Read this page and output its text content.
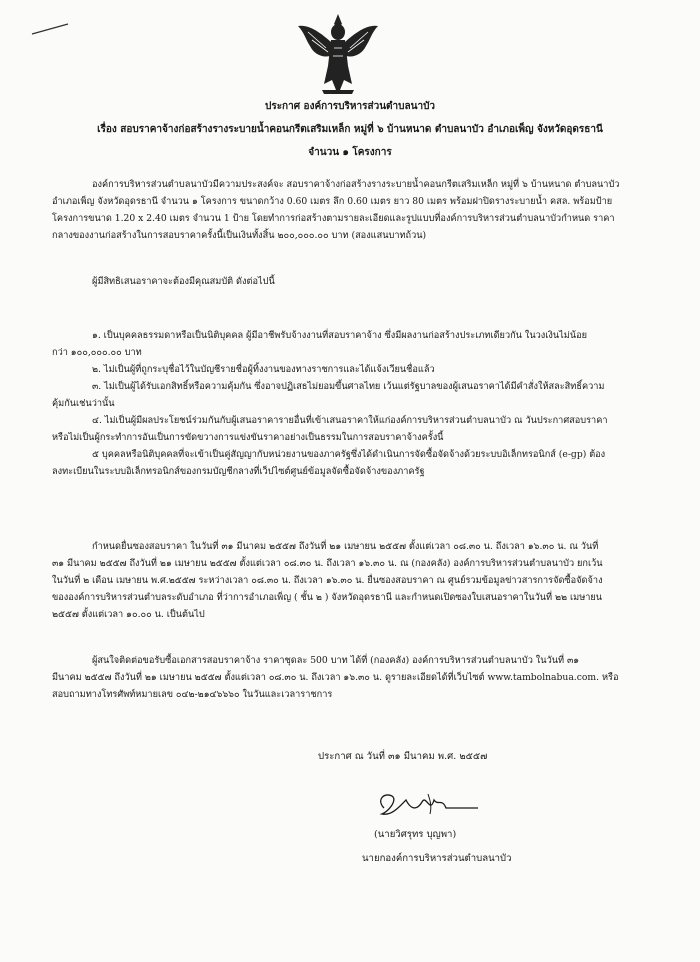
ประกาศ องค์การบริหารส่วนตำบลนาบัว

เรื่อง สอบราคาจ้างก่อสร้างรางระบายน้ำคอนกรีตเสริมเหล็ก หมู่ที่ ๖ บ้านหนาด ตำบลนาบัว อำเภอเพ็ญ จังหวัดอุดรธานี

จำนวน ๑ โครงการ

องค์การบริหารส่วนตำบลนาบัวมีความประสงค์จะ สอบราคาจ้างก่อสร้างรางระบายน้ำคอนกรีตเสริมเหล็ก หมู่ที่ ๖ บ้านหนาด ตำบลนาบัว

อำเภอเพ็ญ จังหวัดอุดรธานี จำนวน ๑ โครงการ ขนาดกว้าง 0.60 เมตร ลึก 0.60 เมตร ยาว 80 เมตร พร้อมฝาปิดรางระบายน้ำ คสล. พร้อมป้าย

โครงการขนาด 1.20 x 2.40 เมตร จำนวน 1 ป้าย โดยทำการก่อสร้างตามรายละเอียดและรูปแบบที่องค์การบริหารส่วนตำบลนาบัวกำหนด ราคา

กลางของงานก่อสร้างในการสอบราคาครั้งนี้เป็นเงินทั้งสิ้น ๒๐๐,๐๐๐.๐๐ บาท (สองแสนบาทถ้วน)

ผู้มีสิทธิเสนอราคาจะต้องมีคุณสมบัติ ดังต่อไปนี้

๑. เป็นบุคคลธรรมดาหรือเป็นนิติบุคคล ผู้มีอาชีพรับจ้างงานที่สอบราคาจ้าง ซึ่งมีผลงานก่อสร้างประเภทเดียวกัน ในวงเงินไม่น้อย

กว่า ๑๐๐,๐๐๐.๐๐ บาท

๒. ไม่เป็นผู้ที่ถูกระบุชื่อไว้ในบัญชีรายชื่อผู้ทิ้งงานของทางราชการและได้แจ้งเวียนชื่อแล้ว

๓. ไม่เป็นผู้ได้รับเอกสิทธิ์หรือความคุ้มกัน ซึ่งอาจปฏิเสธไม่ยอมขึ้นศาลไทย เว้นแต่รัฐบาลของผู้เสนอราคาได้มีคำสั่งให้สละสิทธิ์ความ

คุ้มกันเช่นว่านั้น

๔. ไม่เป็นผู้มีผลประโยชน์ร่วมกันกับผู้เสนอราคารายอื่นที่เข้าเสนอราคาให้แก่องค์การบริหารส่วนตำบลนาบัว ณ วันประกาศสอบราคา

หรือไม่เป็นผู้กระทำการอันเป็นการขัดขวางการแข่งขันราคาอย่างเป็นธรรมในการสอบราคาจ้างครั้งนี้

๕ บุคคลหรือนิติบุคคลที่จะเข้าเป็นคู่สัญญากับหน่วยงานของภาครัฐซึ่งได้ดำเนินการจัดซื้อจัดจ้างด้วยระบบอิเล็กทรอนิกส์ (e-gp) ต้อง

ลงทะเบียนในระบบอิเล็กทรอนิกส์ของกรมบัญชีกลางที่เว็ปไซต์ศูนย์ข้อมูลจัดซื้อจัดจ้างของภาครัฐ

กำหนดยื่นซองสอบราคา ในวันที่ ๓๑ มีนาคม ๒๕๕๗ ถึงวันที่ ๒๑ เมษายน ๒๕๕๗ ตั้งแต่เวลา ๐๘.๓๐ น. ถึงเวลา ๑๖.๓๐ น. ณ วันที่

๓๑ มีนาคม ๒๕๕๗ ถึงวันที่ ๒๑ เมษายน ๒๕๕๗ ตั้งแต่เวลา ๐๘.๓๐ น. ถึงเวลา ๑๖.๓๐ น. ณ (กองคลัง) องค์การบริหารส่วนตำบลนาบัว ยกเว้น

ในวันที่ ๒ เดือน เมษายน พ.ศ.๒๕๕๗ ระหว่างเวลา ๐๘.๓๐ น. ถึงเวลา ๑๖.๓๐ น. ยื่นซองสอบราคา ณ ศูนย์รวมข้อมูลข่าวสารการจัดซื้อจัดจ้าง

ขององค์การบริหารส่วนตำบลระดับอำเภอ ที่ว่าการอำเภอเพ็ญ ( ชั้น ๒ ) จังหวัดอุดรธานี และกำหนดเปิดซองใบเสนอราคาในวันที่ ๒๒ เมษายน

๒๕๕๗ ตั้งแต่เวลา ๑๐.๐๐ น. เป็นต้นไป

ผู้สนใจติดต่อขอรับซื้อเอกสารสอบราคาจ้าง ราคาชุดละ 500 บาท ได้ที่ (กองคลัง) องค์การบริหารส่วนตำบลนาบัว ในวันที่ ๓๑

มีนาคม ๒๕๕๗ ถึงวันที่ ๒๑ เมษายน ๒๕๕๗ ตั้งแต่เวลา ๐๘.๓๐ น. ถึงเวลา ๑๖.๓๐ น. ดูรายละเอียดได้ที่เว็บไซต์ www.tambolnabua.com. หรือ

สอบถามทางโทรศัพท์หมายเลข ๐๔๒-๒๑๔๖๖๖๐ ในวันและเวลาราชการ

ประกาศ ณ วันที่ ๓๑ มีนาคม พ.ศ. ๒๕๕๗

(นายวิศรุทร บุญพา)

นายกองค์การบริหารส่วนตำบลนาบัว
